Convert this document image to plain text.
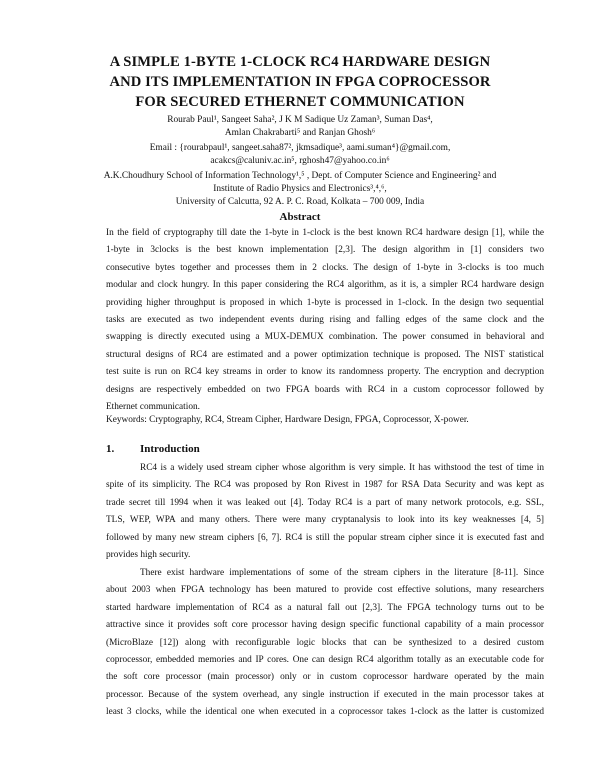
A SIMPLE 1-BYTE 1-CLOCK RC4 HARDWARE DESIGN
AND ITS IMPLEMENTATION IN FPGA COPROCESSOR
FOR SECURED ETHERNET COMMUNICATION
Rourab Paul¹, Sangeet Saha², J K M Sadique Uz Zaman³, Suman Das⁴,
Amlan Chakrabarti⁵ and Ranjan Ghosh⁶
Email : {rourabpaul¹, sangeet.saha87², jkmsadique³, aami.suman⁴}@gmail.com,
acakcs@caluniv.ac.in⁵, rghosh47@yahoo.co.in⁶
A.K.Choudhury School of Information Technology¹,⁵ , Dept. of Computer Science and Engineering² and
Institute of Radio Physics and Electronics³,⁴,⁶,
University of Calcutta, 92 A. P. C. Road, Kolkata – 700 009, India
Abstract
In the field of cryptography till date the 1-byte in 1-clock is the best known RC4 hardware design [1], while the
1-byte in 3clocks is the best known implementation [2,3]. The design algorithm in [1] considers two
consecutive bytes together and processes them in 2 clocks. The design of 1-byte in 3-clocks is too much
modular and clock hungry. In this paper considering the RC4 algorithm, as it is, a simpler RC4 hardware design
providing higher throughput is proposed in which 1-byte is processed in 1-clock. In the design two sequential
tasks are executed as two independent events during rising and falling edges of the same clock and the
swapping is directly executed using a MUX-DEMUX combination. The power consumed in behavioral and
structural designs of RC4 are estimated and a power optimization technique is proposed. The NIST statistical
test suite is run on RC4 key streams in order to know its randomness property. The encryption and decryption
designs are respectively embedded on two FPGA boards with RC4 in a custom coprocessor followed by
Ethernet communication.
Keywords: Cryptography, RC4, Stream Cipher, Hardware Design, FPGA, Coprocessor, X-power.
1. Introduction
RC4 is a widely used stream cipher whose algorithm is very simple. It has withstood the test of time in
spite of its simplicity. The RC4 was proposed by Ron Rivest in 1987 for RSA Data Security and was kept as
trade secret till 1994 when it was leaked out [4]. Today RC4 is a part of many network protocols, e.g. SSL,
TLS, WEP, WPA and many others. There were many cryptanalysis to look into its key weaknesses [4, 5]
followed by many new stream ciphers [6, 7]. RC4 is still the popular stream cipher since it is executed fast and
provides high security.
There exist hardware implementations of some of the stream ciphers in the literature [8-11]. Since
about 2003 when FPGA technology has been matured to provide cost effective solutions, many researchers
started hardware implementation of RC4 as a natural fall out [2,3]. The FPGA technology turns out to be
attractive since it provides soft core processor having design specific functional capability of a main processor
(MicroBlaze [12]) along with reconfigurable logic blocks that can be synthesized to a desired custom
coprocessor, embedded memories and IP cores. One can design RC4 algorithm totally as an executable code for
the soft core processor (main processor) only or in custom coprocessor hardware operated by the main
processor. Because of the system overhead, any single instruction if executed in the main processor takes at
least 3 clocks, while the identical one when executed in a coprocessor takes 1-clock as the latter is customized
